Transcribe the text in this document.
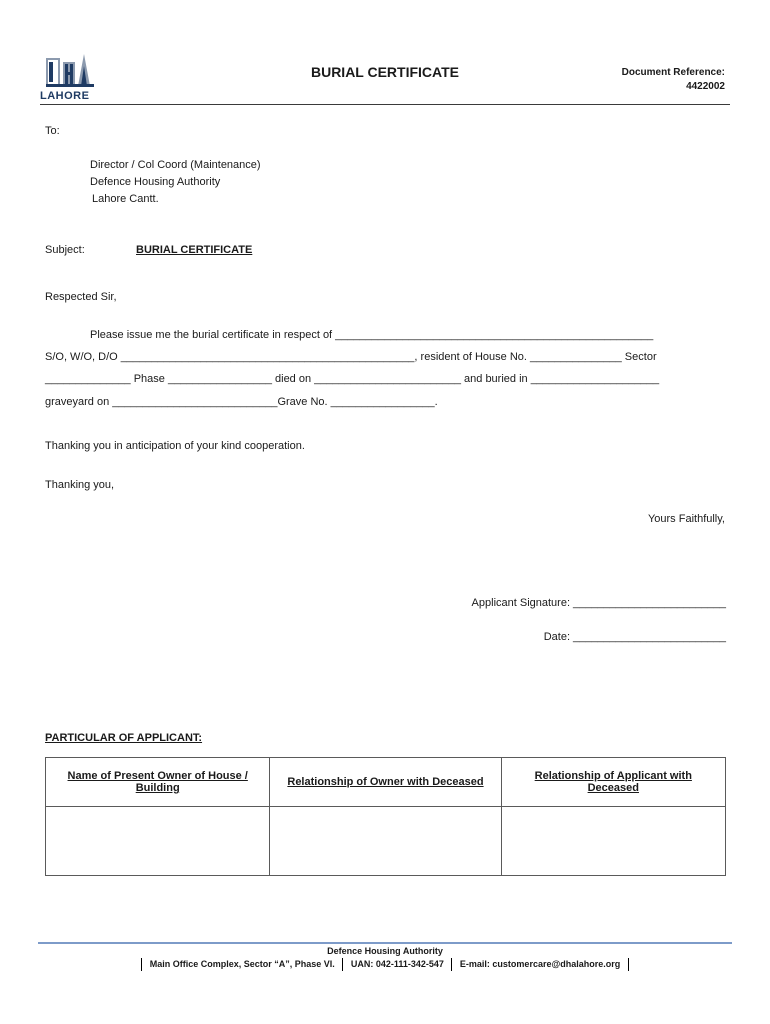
LAHORE
BURIAL CERTIFICATE	Document Reference:
4422002
To:
Director / Col Coord (Maintenance)
Defence Housing Authority
Lahore Cantt.
Subject:	BURIAL CERTIFICATE
Respected Sir,
Please issue me the burial certificate in respect of ____________________________________________________
S/O, W/O, D/O ________________________________________________, resident of House No. _______________ Sector
______________ Phase _________________ died on ________________________ and buried in _____________________
graveyard on ___________________________Grave No. _________________.
Thanking you in anticipation of your kind cooperation.
Thanking you,
Yours Faithfully,
Applicant Signature: _________________________
Date: _________________________
PARTICULAR OF APPLICANT:
Name of Present Owner of House / Building	Relationship of Owner with Deceased	Relationship of Applicant with Deceased

Defence Housing Authority
Main Office Complex, Sector “A”, Phase VI. UAN: 042-111-342-547 E-mail: customercare@dhalahore.org
